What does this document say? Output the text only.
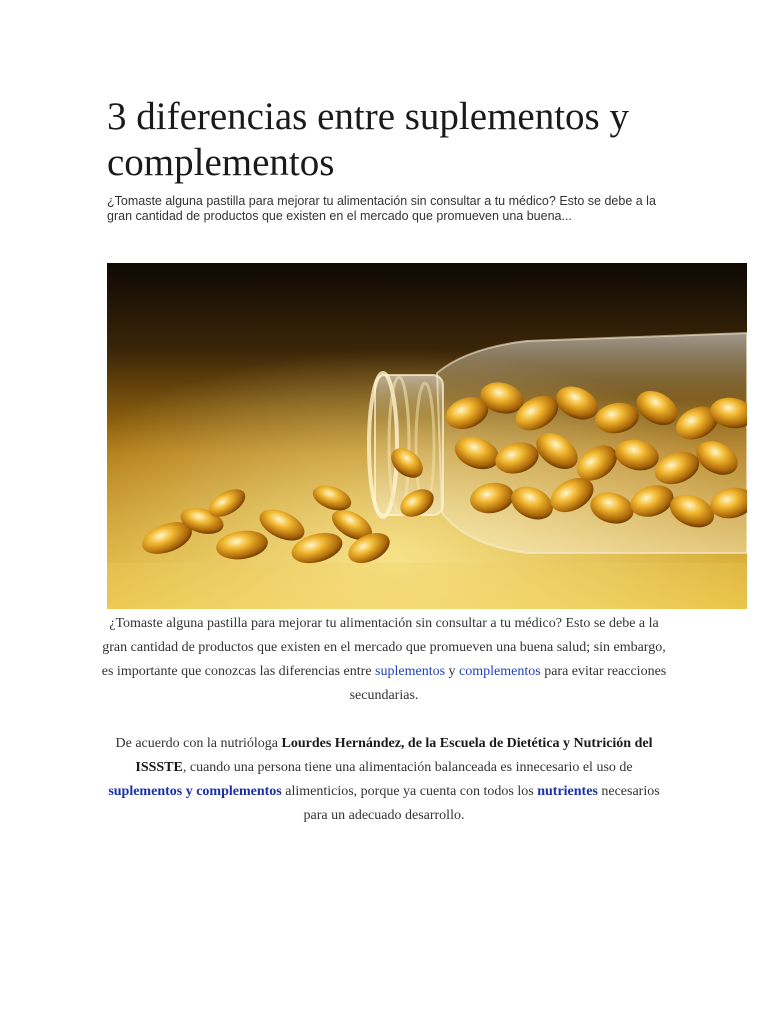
3 diferencias entre suplementos y complementos

¿Tomaste alguna pastilla para mejorar tu alimentación sin consultar a tu médico? Esto se debe a la gran cantidad de productos que existen en el mercado que promueven una buena...

¿Tomaste alguna pastilla para mejorar tu alimentación sin consultar a tu médico? Esto se debe a la gran cantidad de productos que existen en el mercado que promueven una buena salud; sin embargo, es importante que conozcas las diferencias entre suplementos y complementos para evitar reacciones secundarias.

De acuerdo con la nutrióloga Lourdes Hernández, de la Escuela de Dietética y Nutrición del ISSSTE, cuando una persona tiene una alimentación balanceada es innecesario el uso de suplementos y complementos alimenticios, porque ya cuenta con todos los nutrientes necesarios para un adecuado desarrollo.
